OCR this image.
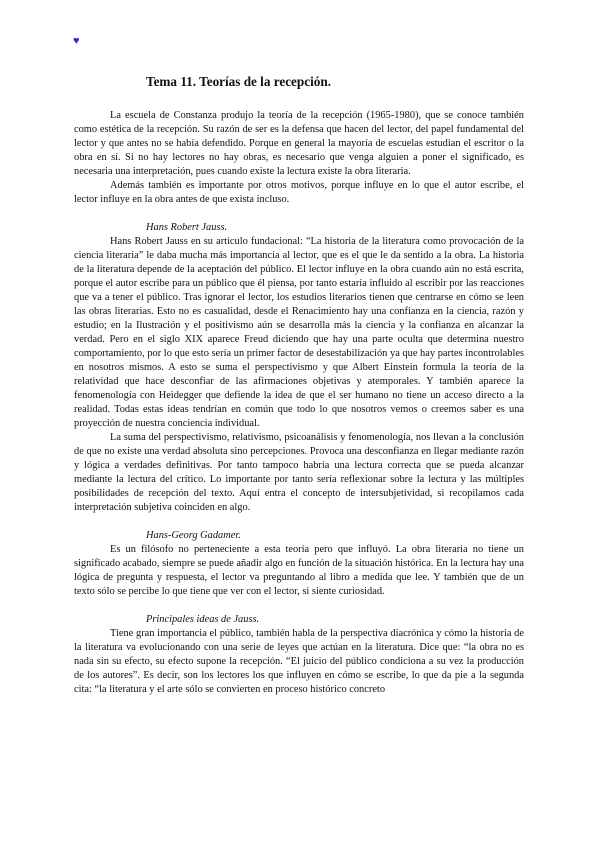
♥
Tema 11. Teorías de la recepción.

La escuela de Constanza produjo la teoría de la recepción (1965-1980), que se conoce también como estética de la recepción. Su razón de ser es la defensa que hacen del lector, del papel fundamental del lector y que antes no se había defendido. Porque en general la mayoría de escuelas estudian el escritor o la obra en sí. Si no hay lectores no hay obras, es necesario que venga alguien a poner el significado, es necesaria una interpretación, pues cuando existe la lectura existe la obra literaria.

Además también es importante por otros motivos, porque influye en lo que el autor escribe, el lector influye en la obra antes de que exista incluso.

Hans Robert Jauss.

Hans Robert Jauss en su artículo fundacional: “La historia de la literatura como provocación de la ciencia literaria” le daba mucha más importancia al lector, que es el que le da sentido a la obra. La historia de la literatura depende de la aceptación del público. El lector influye en la obra cuando aún no está escrita, porque el autor escribe para un público que él piensa, por tanto estaría influido al escribir por las reacciones que va a tener el público. Tras ignorar el lector, los estudios literarios tienen que centrarse en cómo se leen las obras literarias. Esto no es casualidad, desde el Renacimiento hay una confianza en la ciencia, razón y estudio; en la Ilustración y el positivismo aún se desarrolla más la ciencia y la confianza en alcanzar la verdad. Pero en el siglo XIX aparece Freud diciendo que hay una parte oculta que determina nuestro comportamiento, por lo que esto sería un primer factor de desestabilización ya que hay partes incontrolables en nosotros mismos. A esto se suma el perspectivismo y que Albert Einstein formula la teoría de la relatividad que hace desconfiar de las afirmaciones objetivas y atemporales. Y también aparece la fenomenología con Heidegger que defiende la idea de que el ser humano no tiene un acceso directo a la realidad. Todas estas ideas tendrían en común que todo lo que nosotros vemos o creemos saber es una proyección de nuestra conciencia individual.

La suma del perspectivismo, relativismo, psicoanálisis y fenomenología, nos llevan a la conclusión de que no existe una verdad absoluta sino percepciones. Provoca una desconfianza en llegar mediante razón y lógica a verdades definitivas. Por tanto tampoco habría una lectura correcta que se pueda alcanzar mediante la lectura del crítico. Lo importante por tanto sería reflexionar sobre la lectura y las múltiples posibilidades de recepción del texto. Aquí entra el concepto de intersubjetividad, si recopilamos cada interpretación subjetiva coinciden en algo.

Hans-Georg Gadamer.

Es un filósofo no perteneciente a esta teoría pero que influyó. La obra literaria no tiene un significado acabado, siempre se puede añadir algo en función de la situación histórica. En la lectura hay una lógica de pregunta y respuesta, el lector va preguntando al libro a medida que lee. Y también que de un texto sólo se percibe lo que tiene que ver con el lector, si siente curiosidad.

Principales ideas de Jauss.

Tiene gran importancia el público, también habla de la perspectiva diacrónica y cómo la historia de la literatura va evolucionando con una serie de leyes que actúan en la literatura. Dice que: “la obra no es nada sin su efecto, su efecto supone la recepción. “El juicio del público condiciona a su vez la producción de los autores”. Es decir, son los lectores los que influyen en cómo se escribe, lo que da pie a la segunda cita: “la literatura y el arte sólo se convierten en proceso histórico concreto
